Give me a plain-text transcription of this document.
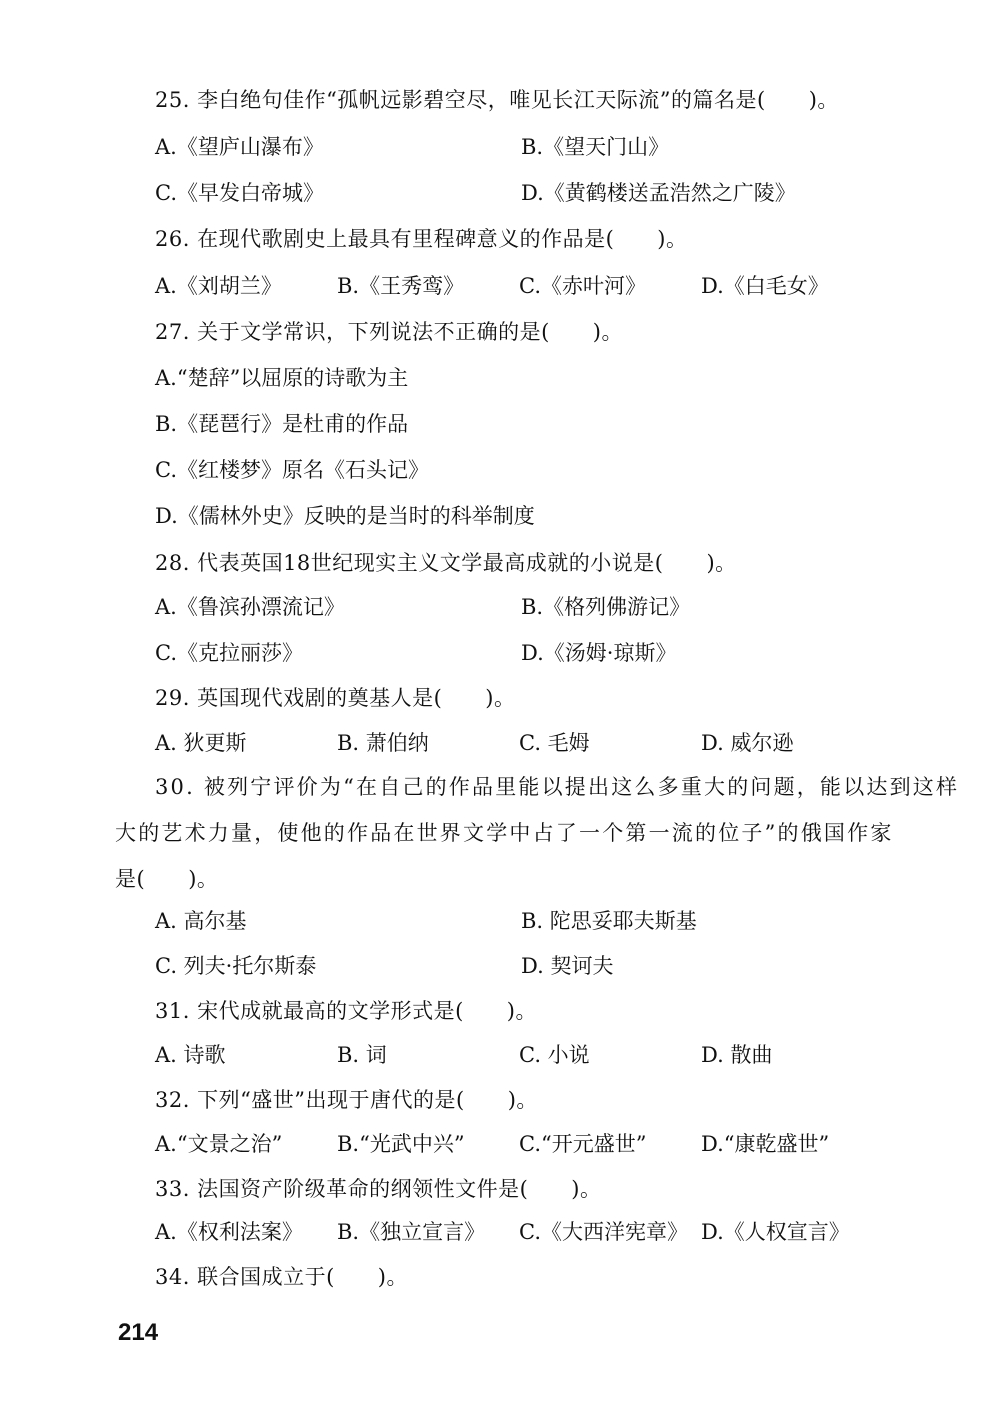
25. 李白绝句佳作“孤帆远影碧空尽，唯见长江天际流”的篇名是(　　)。
A.《望庐山瀑布》	B.《望天门山》
C.《早发白帝城》	D.《黄鹤楼送孟浩然之广陵》
26. 在现代歌剧史上最具有里程碑意义的作品是(　　)。
A.《刘胡兰》	B.《王秀鸾》	C.《赤叶河》	D.《白毛女》
27. 关于文学常识，下列说法不正确的是(　　)。
A.“楚辞”以屈原的诗歌为主
B.《琵琶行》是杜甫的作品
C.《红楼梦》原名《石头记》
D.《儒林外史》反映的是当时的科举制度
28. 代表英国18世纪现实主义文学最高成就的小说是(　　)。
A.《鲁滨孙漂流记》	B.《格列佛游记》
C.《克拉丽莎》	D.《汤姆·琼斯》
29. 英国现代戏剧的奠基人是(　　)。
A. 狄更斯	B. 萧伯纳	C. 毛姆	D. 威尔逊
30. 被列宁评价为“在自己的作品里能以提出这么多重大的问题，能以达到这样
大的艺术力量，使他的作品在世界文学中占了一个第一流的位子”的俄国作家
是(　　)。
A. 高尔基	B. 陀思妥耶夫斯基
C. 列夫·托尔斯泰	D. 契诃夫
31. 宋代成就最高的文学形式是(　　)。
A. 诗歌	B. 词	C. 小说	D. 散曲
32. 下列“盛世”出现于唐代的是(　　)。
A.“文景之治”	B.“光武中兴”	C.“开元盛世”	D.“康乾盛世”
33. 法国资产阶级革命的纲领性文件是(　　)。
A.《权利法案》	B.《独立宣言》	C.《大西洋宪章》 D.《人权宣言》
34. 联合国成立于(　　)。
214
